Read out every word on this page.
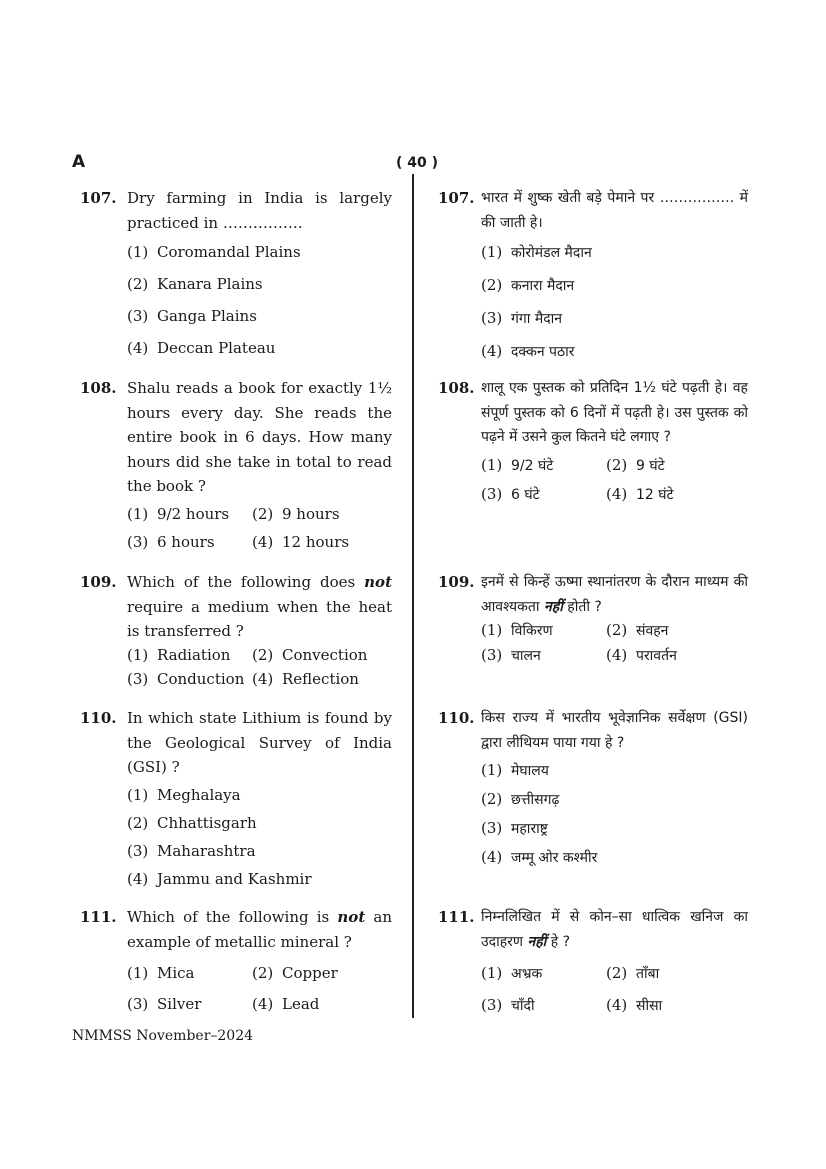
A	( 40 )
107. Dry farming in India is largely practiced in …………….
(1) Coromandal Plains
(2) Kanara Plains
(3) Ganga Plains
(4) Deccan Plateau
108. Shalu reads a book for exactly 1½ hours every day. She reads the entire book in 6 days. How many hours did she take in total to read the book ?
(1) 9/2 hours (2) 9 hours
(3) 6 hours (4) 12 hours
109. Which of the following does not require a medium when the heat is transferred ?
(1) Radiation (2) Convection
(3) Conduction (4) Reflection
110. In which state Lithium is found by the Geological Survey of India (GSI) ?
(1) Meghalaya
(2) Chhattisgarh
(3) Maharashtra
(4) Jammu and Kashmir
111. Which of the following is not an example of metallic mineral ?
(1) Mica	(2) Copper
(3) Silver	(4) Lead
107. भारत में शुष्क खेती बड़े पेमाने पर ……………. में की जाती हे।
(1) कोरोमंडल मैदान
(2) कनारा मैदान
(3) गंगा मैदान
(4) दक्कन पठार
108. शालू एक पुस्तक को प्रतिदिन 1½ घंटे पढ़ती हे। वह संपूर्ण पुस्तक को 6 दिनों में पढ़ती हे। उस पुस्तक को पढ़ने में उसने कुल कितने घंटे लगाए ?
(1) 9/2 घंटे	(2) 9 घंटे
(3) 6 घंटे	(4) 12 घंटे
109. इनमें से किन्हें ऊष्मा स्थानांतरण के दौरान माध्यम की आवश्यकता नहीं होती ?
(1) विकिरण	(2) संवहन
(3) चालन	(4) परावर्तन
110. किस राज्य में भारतीय भूवेज्ञानिक सर्वेक्षण (GSI) द्वारा लीथियम पाया गया हे ?
(1) मेघालय
(2) छत्तीसगढ़
(3) महाराष्ट्र
(4) जम्मू ओर कश्मीर
111. निम्नलिखित में से कोन–सा धात्विक खनिज का उदाहरण नहीं हे ?
(1) अभ्रक	(2) ताँबा
(3) चाँदी	(4) सीसा
NMMSS November–2024
